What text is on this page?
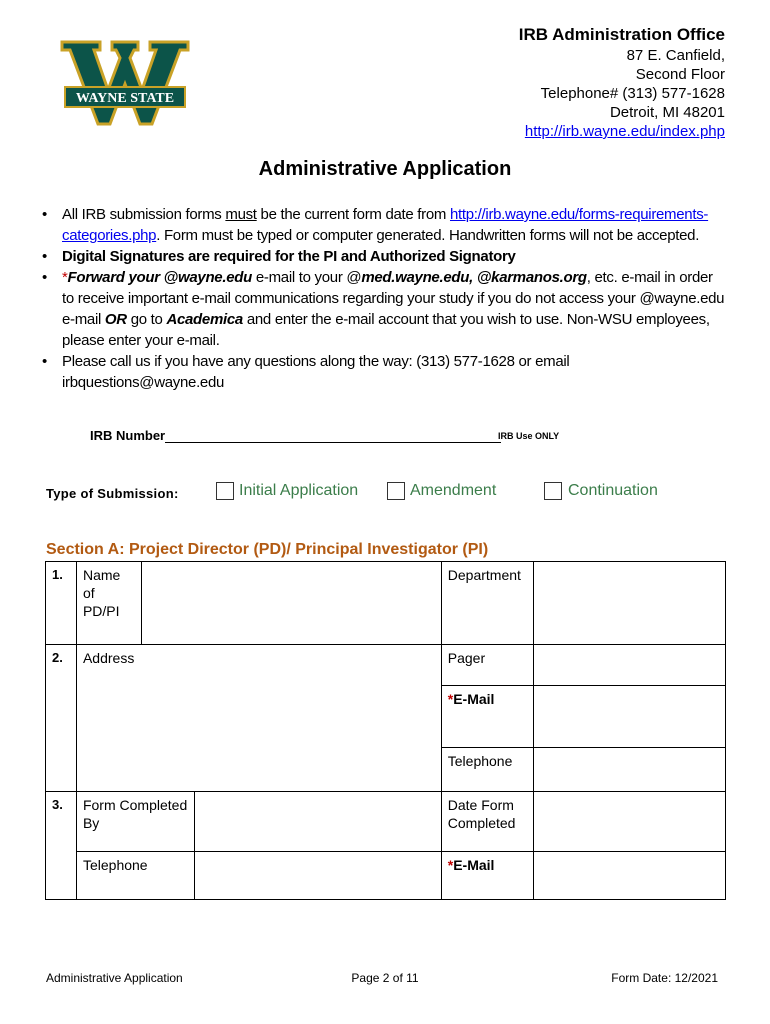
WAYNE STATE
IRB Administration Office
87 E. Canfield,
Second Floor
Telephone# (313) 577-1628
Detroit, MI 48201
http://irb.wayne.edu/index.php
Administrative Application
• All IRB submission forms must be the current form date from http://irb.wayne.edu/forms-requirements-categories.php. Form must be typed or computer generated. Handwritten forms will not be accepted.
• Digital Signatures are required for the PI and Authorized Signatory
• *Forward your @wayne.edu e-mail to your @med.wayne.edu, @karmanos.org, etc. e-mail in order to receive important e-mail communications regarding your study if you do not access your @wayne.edu e-mail OR go to Academica and enter the e-mail account that you wish to use. Non-WSU employees, please enter your e-mail.
• Please call us if you have any questions along the way: (313) 577-1628 or email irbquestions@wayne.edu
IRB Number	IRB Use ONLY
Type of Submission:	Initial Application	Amendment	Continuation
Section A: Project Director (PD)/ Principal Investigator (PI)
1.	Name of PD/PI			Department	
2.	Address			Pager	
				*E-Mail	
				Telephone	
3.	Form Completed By			Date Form Completed	
	Telephone			*E-Mail	
Administrative Application	Page 2 of 11	Form Date: 12/2021
